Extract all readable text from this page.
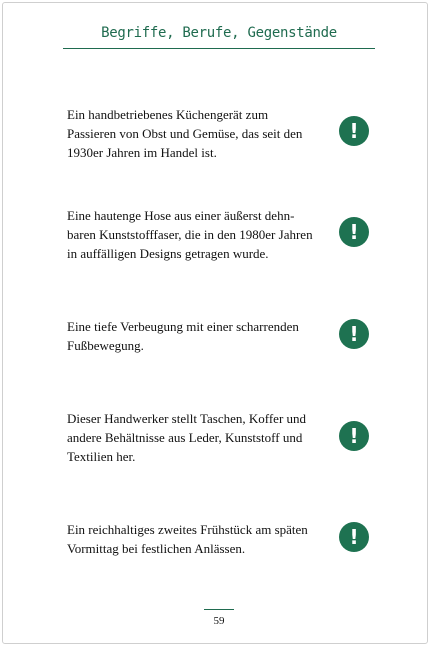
Begriffe, Berufe, Gegenstände

Ein handbetriebenes Küchengerät zum

Passieren von Obst und Gemüse, das seit den

1930er Jahren im Handel ist.

!

Eine hautenge Hose aus einer äußerst dehn-

baren Kunststofffaser, die in den 1980er Jahren

in auffälligen Designs getragen wurde.

!

Eine tiefe Verbeugung mit einer scharrenden

Fußbewegung.	!

Dieser Handwerker stellt Taschen, Koffer und

andere Behältnisse aus Leder, Kunststoff und

Textilien her.

!

Ein reichhaltiges zweites Frühstück am späten

Vormittag bei festlichen Anlässen.	!
59
